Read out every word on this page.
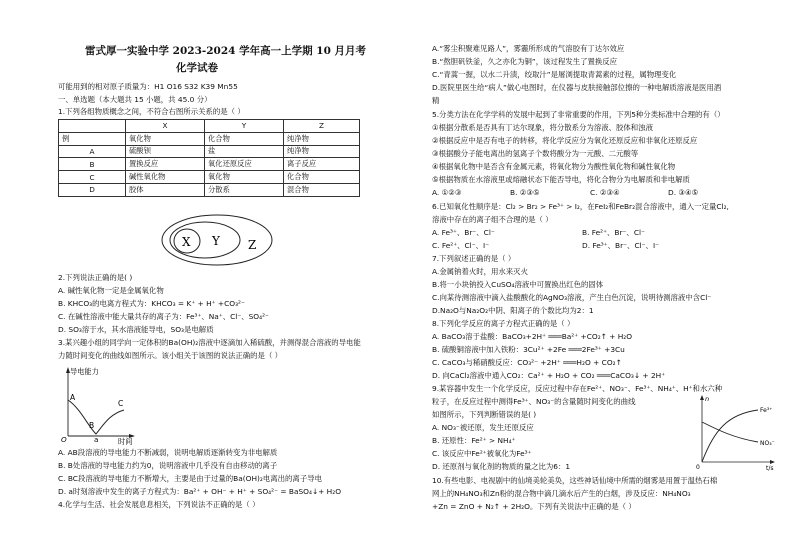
雷式厚一实验中学 2023-2024 学年高一上学期 10 月月考
化学试卷
可能用到的相对原子质量为：H1 O16 S32 K39 Mn55
一、单选题（本大题共 15 小题，共 45.0 分）
1.下列各组物质概念之间，不符合右图所示关系的是（ ）
	X	Y	Z
例	氧化物	化合物	纯净物
A	硫酸钡	盐	纯净物
B	置换反应	氧化还原反应	离子反应
C	碱性氧化物	氧化物	化合物
D	胶体	分散系	混合物
X Y Z
2.下列说法正确的是( )
A. 碱性氧化物一定是金属氧化物
B. KHCO₃的电离方程式为：KHCO₃ = K⁺ + H⁺ +CO₃²⁻
C. 在碱性溶液中能大量共存的离子为：Fe³⁺、Na⁺、Cl⁻、SO₄²⁻
D. SO₃溶于水，其水溶液能导电，SO₃是电解质
3.某兴趣小组的同学向一定体积的Ba(OH)₂溶液中逐滴加入稀硫酸，并测得混合溶液的导电能
力随时间变化的曲线如图所示。该小组关于该图的说法正确的是（ ）
导电能力
A
B
C
a
O	时间
A. AB段溶液的导电能力不断减弱，说明电解质逐渐转变为非电解质
B. B处溶液的导电能力约为0，说明溶液中几乎没有自由移动的离子
C. BC段溶液的导电能力不断增大，主要是由于过量的Ba(OH)₂电离出的离子导电
D. a时刻溶液中发生的离子方程式为：Ba²⁺ + OH⁻ + H⁺ + SO₄²⁻ = BaSO₄↓+ H₂O
4.化学与生活、社会发展息息相关，下列说法不正确的是（ ）
A.“雾尘积聚难见路人”，雾霾所形成的气溶胶有丁达尔效应
B.“熬胆矾铁釜，久之亦化为铜”，该过程发生了置换反应
C.“青蒿一握，以水二升渍，绞取汁”是屠浏提取青蒿素的过程，属物理变化
D.医院里医生给“病人”做心电图时，在仪器与皮肤接触部位擦的一种电解质溶液是医用酒
精
5.分类方法在化学学科的发展中起到了非常重要的作用，下列5种分类标准中合理的有（）
①根据分散系是否具有丁达尔现象，将分散系分为溶液、胶体和浊液
②根据反应中是否有电子的转移，将化学反应分为氧化还原反应和非氧化还原反应
③根据酸分子能电离出的氢离子个数将酸分为一元酸、二元酸等
④根据氧化物中是否含有金属元素，将氧化物分为酸性氧化物和碱性氧化物
⑤根据物质在水溶液里或熔融状态下能否导电，将化合物分为电解质和非电解质
A. ①②③	B. ②③⑤	C. ②③④	D. ③④⑤
6.已知氧化性顺序是：Cl₂ > Br₂ > Fe³⁺ > I₂，在FeI₂和FeBr₂混合溶液中，通入一定量Cl₂,
溶液中存在的离子组不合理的是（ ）
A. Fe³⁺、Br⁻、Cl⁻	B. Fe²⁺、Br⁻、Cl⁻
C. Fe²⁺、Cl⁻、I⁻	D. Fe³⁺、Br⁻、Cl⁻、I⁻
7.下列叙述正确的是（ ）
A.金属钠着火时，用水来灭火
B.将一小块钠投入CuSO₄溶液中可置换出红色的固体
C.向某待测溶液中滴入盐酸酸化的AgNO₃溶液，产生白色沉淀，说明待测溶液中含Cl⁻
D.Na₂O与Na₂O₂中阴、阳离子的个数比均为2：1
8.下列化学反应的离子方程式正确的是（ ）
A. BaCO₃溶于盐酸：BaCO₃+2H⁺ ═══Ba²⁺ +CO₂↑ + H₂O
B. 硫酸铜溶液中加入铁粉：3Cu²⁺ +2Fe ═══2Fe³⁺ +3Cu
C. CaCO₃与稀硝酸反应：CO₃²⁻ +2H⁺ ═══H₂O + CO₂↑
D. 向CaCl₂溶液中通入CO₂：Ca²⁺ + H₂O + CO₂ ═══CaCO₃↓ + 2H⁺
9.某容器中发生一个化学反应，反应过程中存在Fe²⁺、NO₃⁻、Fe³⁺、NH₄⁺、H⁺和水六种
粒子，在反应过程中测得Fe³⁺、NO₃⁻的含量随时间变化的曲线
如图所示，下列判断错误的是( )
A. NO₃⁻被还原，发生还原反应
B. 还原性：Fe²⁺ > NH₄⁺
C. 该反应中Fe²⁺被氧化为Fe³⁺
D. 还原剂与氧化剂的物质的量之比为6：1
n
Fe³⁺
NO₃⁻
0	t/s
10.有些电影、电视剧中的仙境美轮美奂，这些神话仙境中所需的烟雾是用置于温热石棉
网上的NH₄NO₃和Zn粉的混合物中滴几滴水后产生的白烟，涉及反应：NH₄NO₃
+Zn = ZnO + N₂↑ + 2H₂O。下列有关说法中正确的是（ ）
